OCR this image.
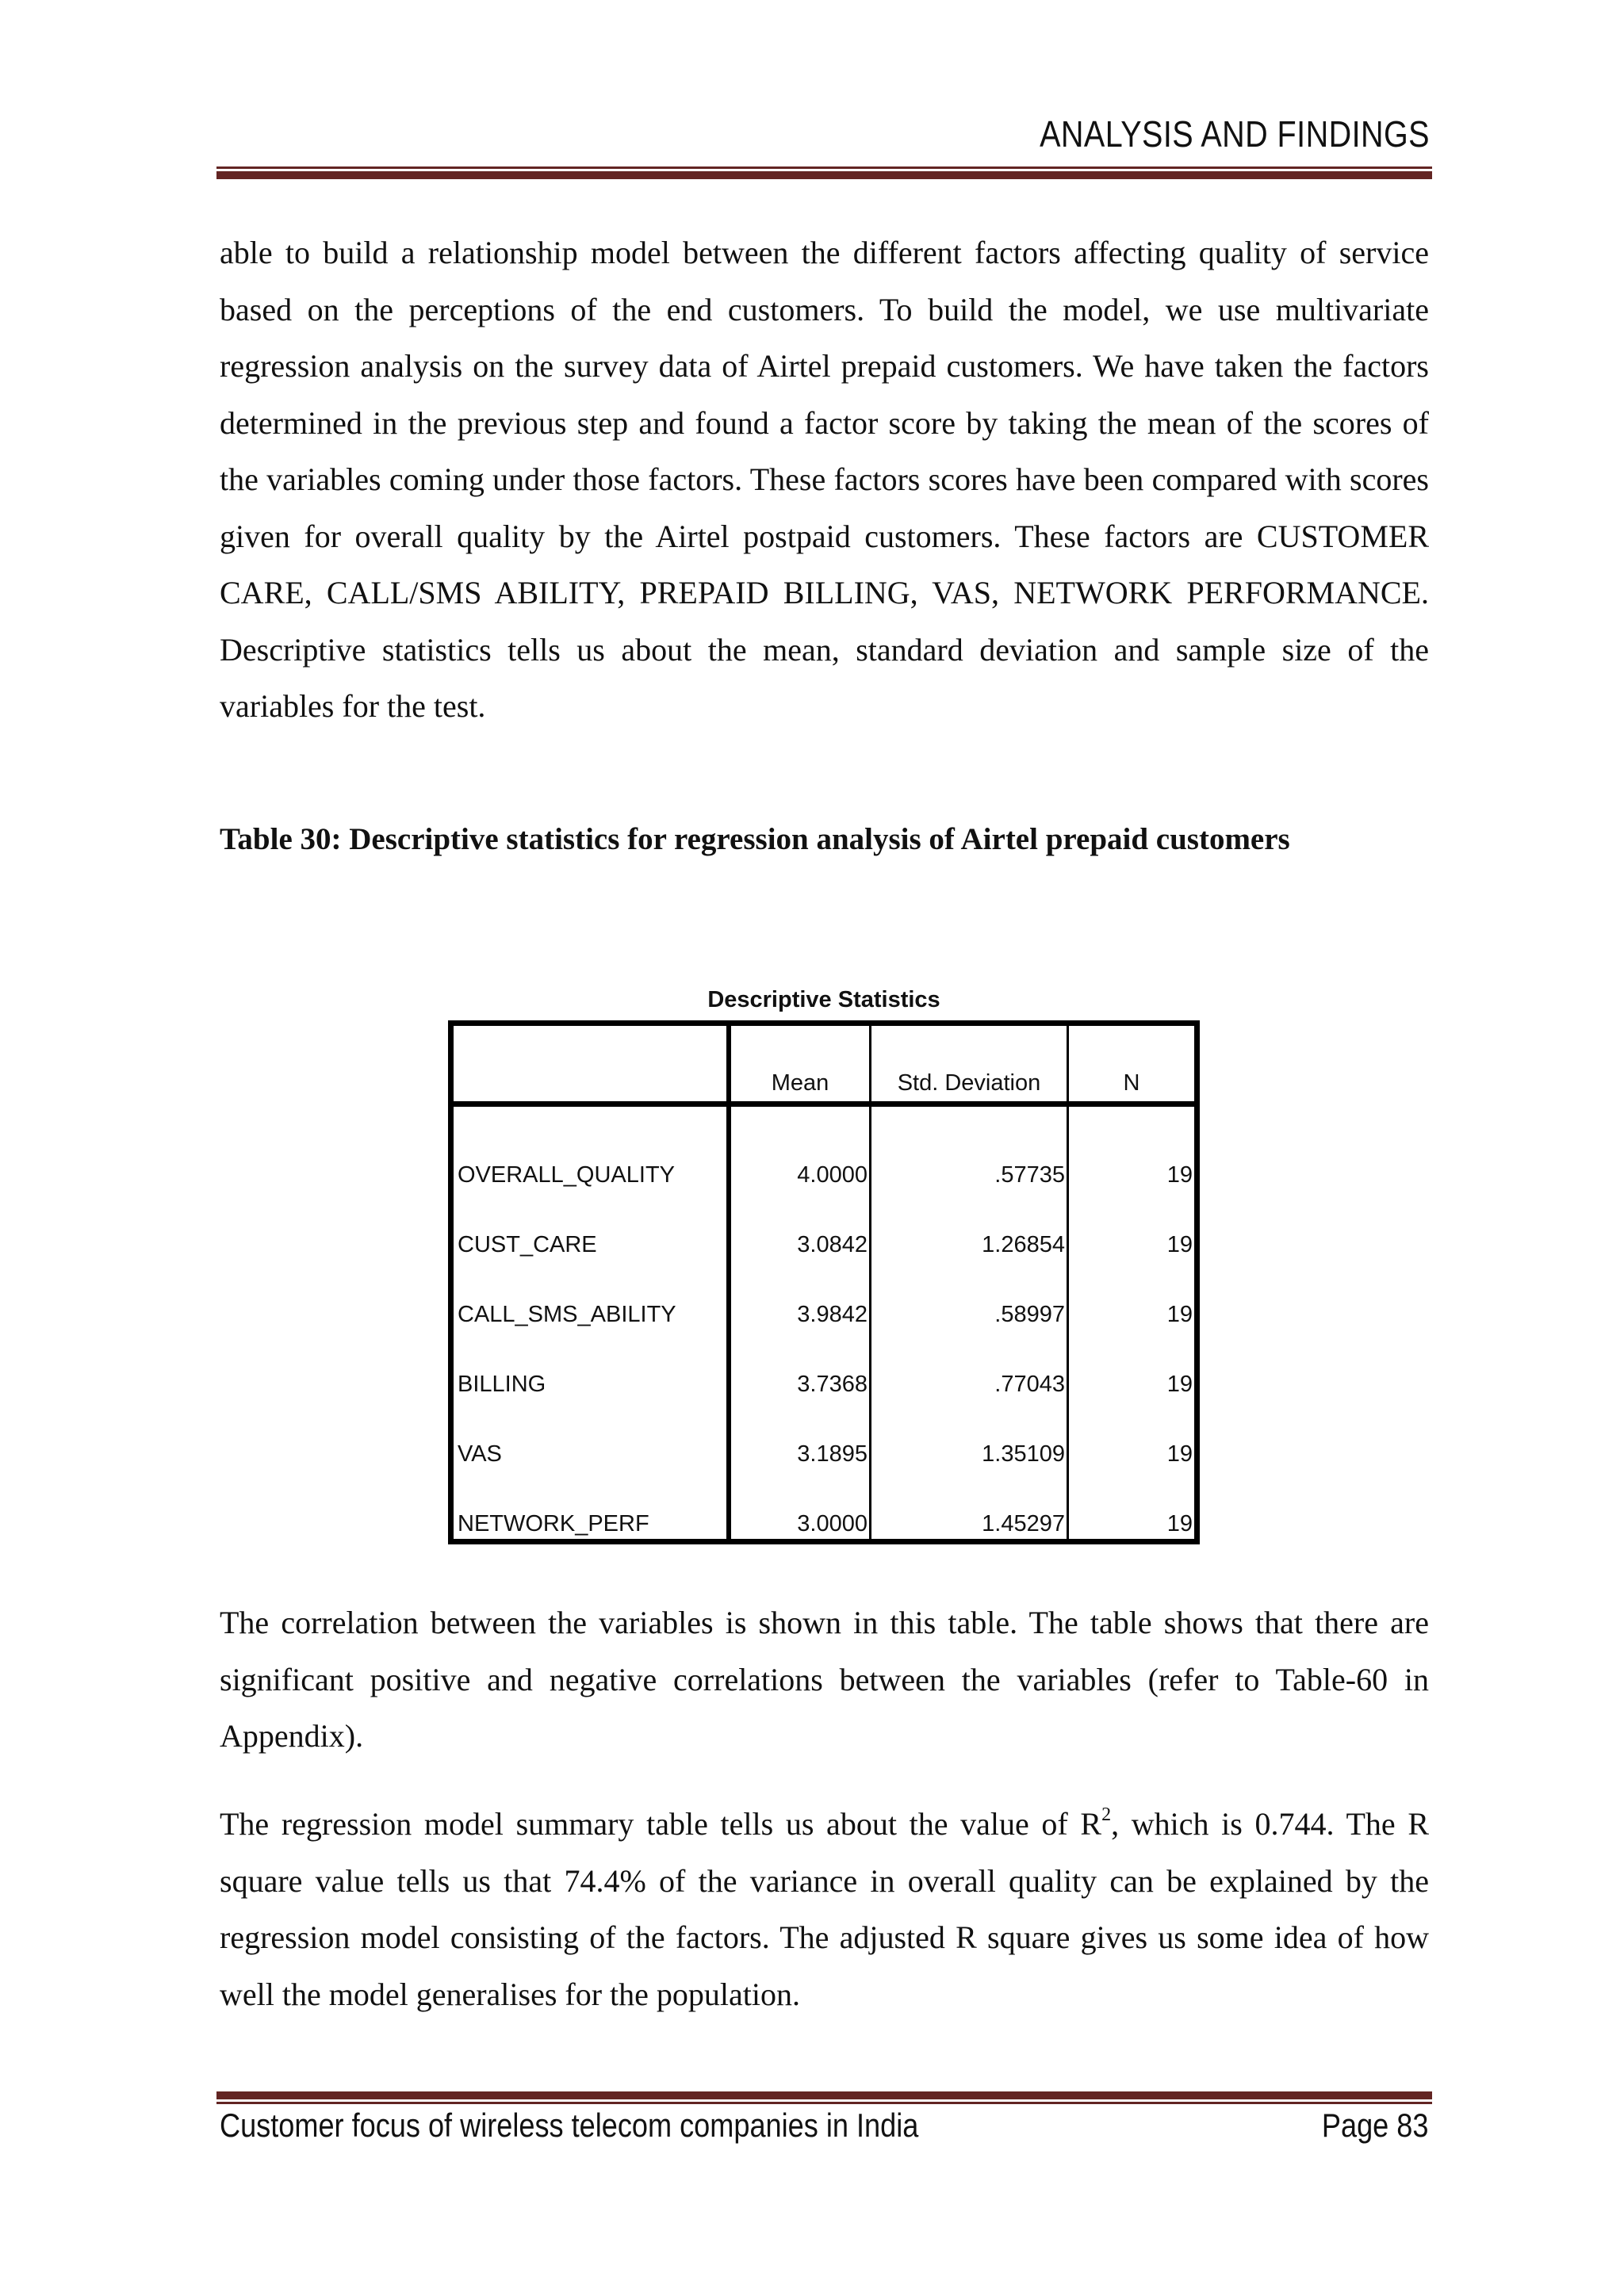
ANALYSIS AND FINDINGS

able to build a relationship model between the different factors affecting quality of service based on the perceptions of the end customers. To build the model, we use multivariate regression analysis on the survey data of Airtel prepaid customers. We have taken the factors determined in the previous step and found a factor score by taking the mean of the scores of the variables coming under those factors. These factors scores have been compared with scores given for overall quality by the Airtel postpaid customers. These factors are CUSTOMER CARE, CALL/SMS ABILITY, PREPAID BILLING, VAS, NETWORK PERFORMANCE. Descriptive statistics tells us about the mean, standard deviation and sample size of the variables for the test.

Table 30: Descriptive statistics for regression analysis of Airtel prepaid customers
Descriptive Statistics
	Mean	Std. Deviation	N
OVERALL_QUALITY	4.0000	.57735	19
CUST_CARE	3.0842	1.26854	19
CALL_SMS_ABILITY	3.9842	.58997	19
BILLING	3.7368	.77043	19
VAS	3.1895	1.35109	19
NETWORK_PERF	3.0000	1.45297	19

The correlation between the variables is shown in this table. The table shows that there are significant positive and negative correlations between the variables (refer to Table-60 in Appendix).

The regression model summary table tells us about the value of $R^2$, which is 0.744. The R square value tells us that 74.4% of the variance in overall quality can be explained by the regression model consisting of the factors. The adjusted R square gives us some idea of how well the model generalises for the population.

Customer focus of wireless telecom companies in India	Page 83
